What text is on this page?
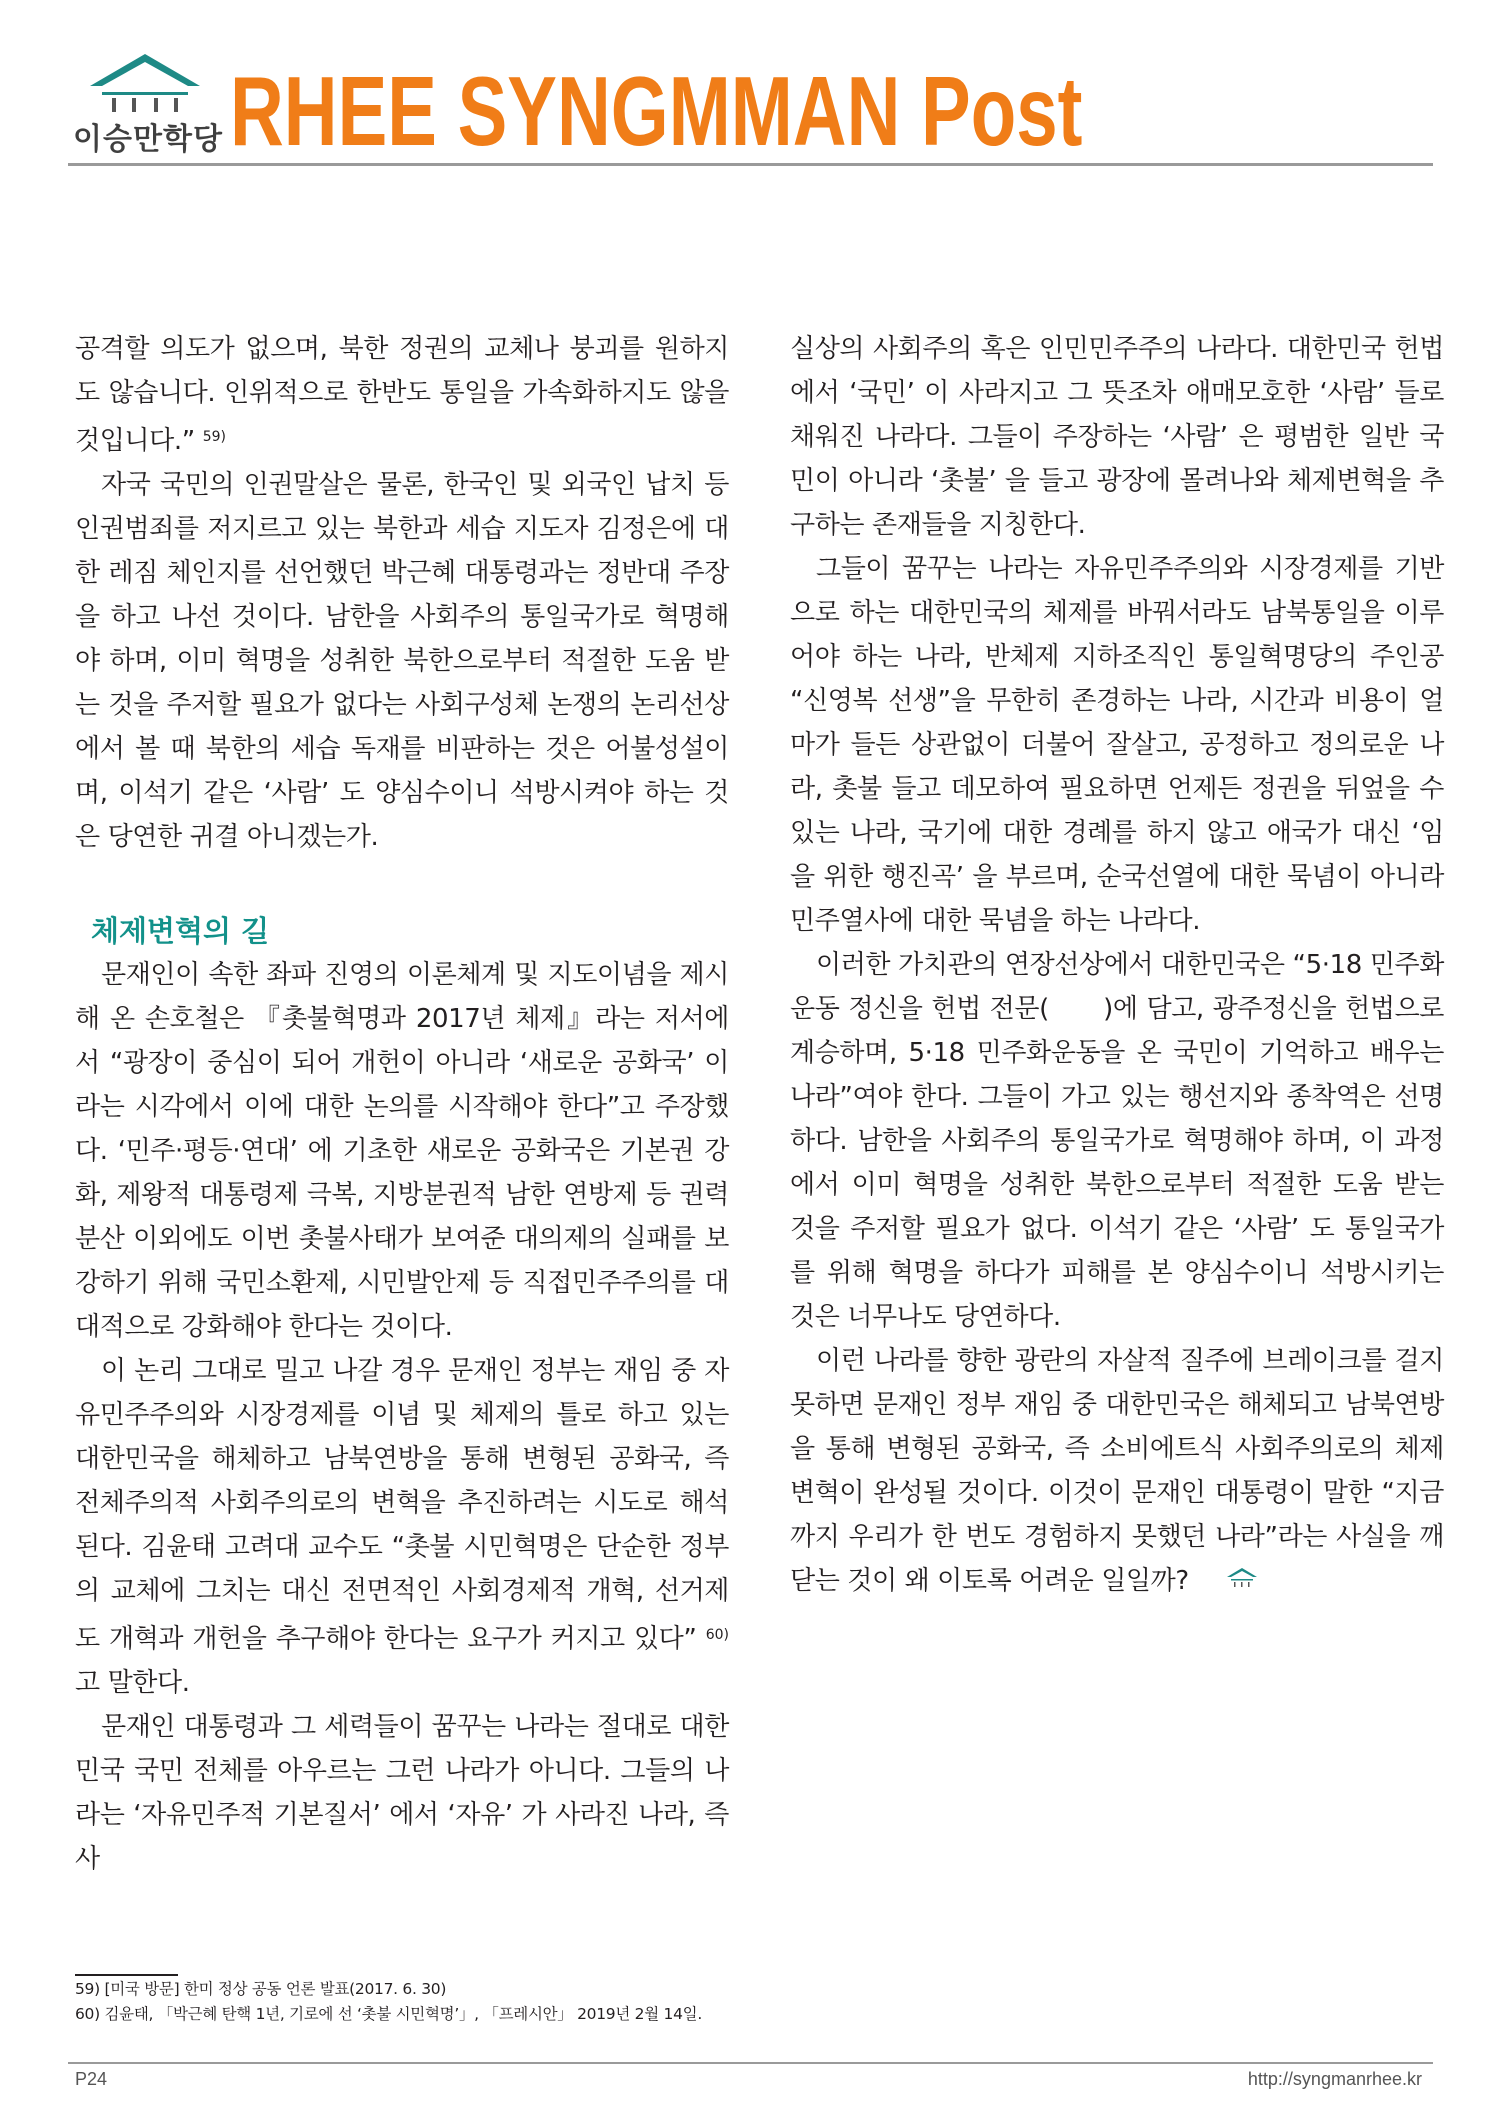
이승만학당 RHEE SYNGMMAN Post

공격할 의도가 없으며, 북한 정권의 교체나 붕괴를 원하지도 않습니다. 인위적으로 한반도 통일을 가속화하지도 않을 것입니다.” $^{59)}$

자국 국민의 인권말살은 물론, 한국인 및 외국인 납치 등 인권범죄를 저지르고 있는 북한과 세습 지도자 김정은에 대한 레짐 체인지를 선언했던 박근혜 대통령과는 정반대 주장을 하고 나선 것이다. 남한을 사회주의 통일국가로 혁명해야 하며, 이미 혁명을 성취한 북한으로부터 적절한 도움 받는 것을 주저할 필요가 없다는 사회구성체 논쟁의 논리선상에서 볼 때 북한의 세습 독재를 비판하는 것은 어불성설이며, 이석기 같은 ‘사람’ 도 양심수이니 석방시켜야 하는 것은 당연한 귀결 아니겠는가.

체제변혁의 길

문재인이 속한 좌파 진영의 이론체계 및 지도이념을 제시해 온 손호철은 『촛불혁명과 2017년 체제』라는 저서에서 “광장이 중심이 되어 개헌이 아니라 ‘새로운 공화국’ 이라는 시각에서 이에 대한 논의를 시작해야 한다”고 주장했다. ‘민주·평등·연대’ 에 기초한 새로운 공화국은 기본권 강화, 제왕적 대통령제 극복, 지방분권적 남한 연방제 등 권력분산 이외에도 이번 촛불사태가 보여준 대의제의 실패를 보강하기 위해 국민소환제, 시민발안제 등 직접민주주의를 대대적으로 강화해야 한다는 것이다.

이 논리 그대로 밀고 나갈 경우 문재인 정부는 재임 중 자유민주주의와 시장경제를 이념 및 체제의 틀로 하고 있는 대한민국을 해체하고 남북연방을 통해 변형된 공화국, 즉 전체주의적 사회주의로의 변혁을 추진하려는 시도로 해석된다. 김윤태 고려대 교수도 “촛불 시민혁명은 단순한 정부의 교체에 그치는 대신 전면적인 사회경제적 개혁, 선거제도 개혁과 개헌을 추구해야 한다는 요구가 커지고 있다” $^{60)}$고 말한다.

문재인 대통령과 그 세력들이 꿈꾸는 나라는 절대로 대한민국 국민 전체를 아우르는 그런 나라가 아니다. 그들의 나라는 ‘자유민주적 기본질서’ 에서 ‘자유’ 가 사라진 나라, 즉 사

실상의 사회주의 혹은 인민민주주의 나라다. 대한민국 헌법에서 ‘국민’ 이 사라지고 그 뜻조차 애매모호한 ‘사람’ 들로 채워진 나라다. 그들이 주장하는 ‘사람’ 은 평범한 일반 국민이 아니라 ‘촛불’ 을 들고 광장에 몰려나와 체제변혁을 추구하는 존재들을 지칭한다.

그들이 꿈꾸는 나라는 자유민주주의와 시장경제를 기반으로 하는 대한민국의 체제를 바꿔서라도 남북통일을 이루어야 하는 나라, 반체제 지하조직인 통일혁명당의 주인공 “신영복 선생”을 무한히 존경하는 나라, 시간과 비용이 얼마가 들든 상관없이 더불어 잘살고, 공정하고 정의로운 나라, 촛불 들고 데모하여 필요하면 언제든 정권을 뒤엎을 수 있는 나라, 국기에 대한 경례를 하지 않고 애국가 대신 ‘임을 위한 행진곡’ 을 부르며, 순국선열에 대한 묵념이 아니라 민주열사에 대한 묵념을 하는 나라다.

이러한 가치관의 연장선상에서 대한민국은 “5·18 민주화운동 정신을 헌법 전문(　　)에 담고, 광주정신을 헌법으로 계승하며, 5·18 민주화운동을 온 국민이 기억하고 배우는 나라”여야 한다. 그들이 가고 있는 행선지와 종착역은 선명하다. 남한을 사회주의 통일국가로 혁명해야 하며, 이 과정에서 이미 혁명을 성취한 북한으로부터 적절한 도움 받는 것을 주저할 필요가 없다. 이석기 같은 ‘사람’ 도 통일국가를 위해 혁명을 하다가 피해를 본 양심수이니 석방시키는 것은 너무나도 당연하다.

이런 나라를 향한 광란의 자살적 질주에 브레이크를 걸지 못하면 문재인 정부 재임 중 대한민국은 해체되고 남북연방을 통해 변형된 공화국, 즉 소비에트식 사회주의로의 체제변혁이 완성될 것이다. 이것이 문재인 대통령이 말한 “지금까지 우리가 한 번도 경험하지 못했던 나라”라는 사실을 깨닫는 것이 왜 이토록 어려운 일일까?

59) [미국 방문] 한미 정상 공동 언론 발표(2017. 6. 30)
60) 김윤태, 「박근혜 탄핵 1년, 기로에 선 ‘촛불 시민혁명’」, 「프레시안」 2019년 2월 14일.
P24	http://syngmanrhee.kr
